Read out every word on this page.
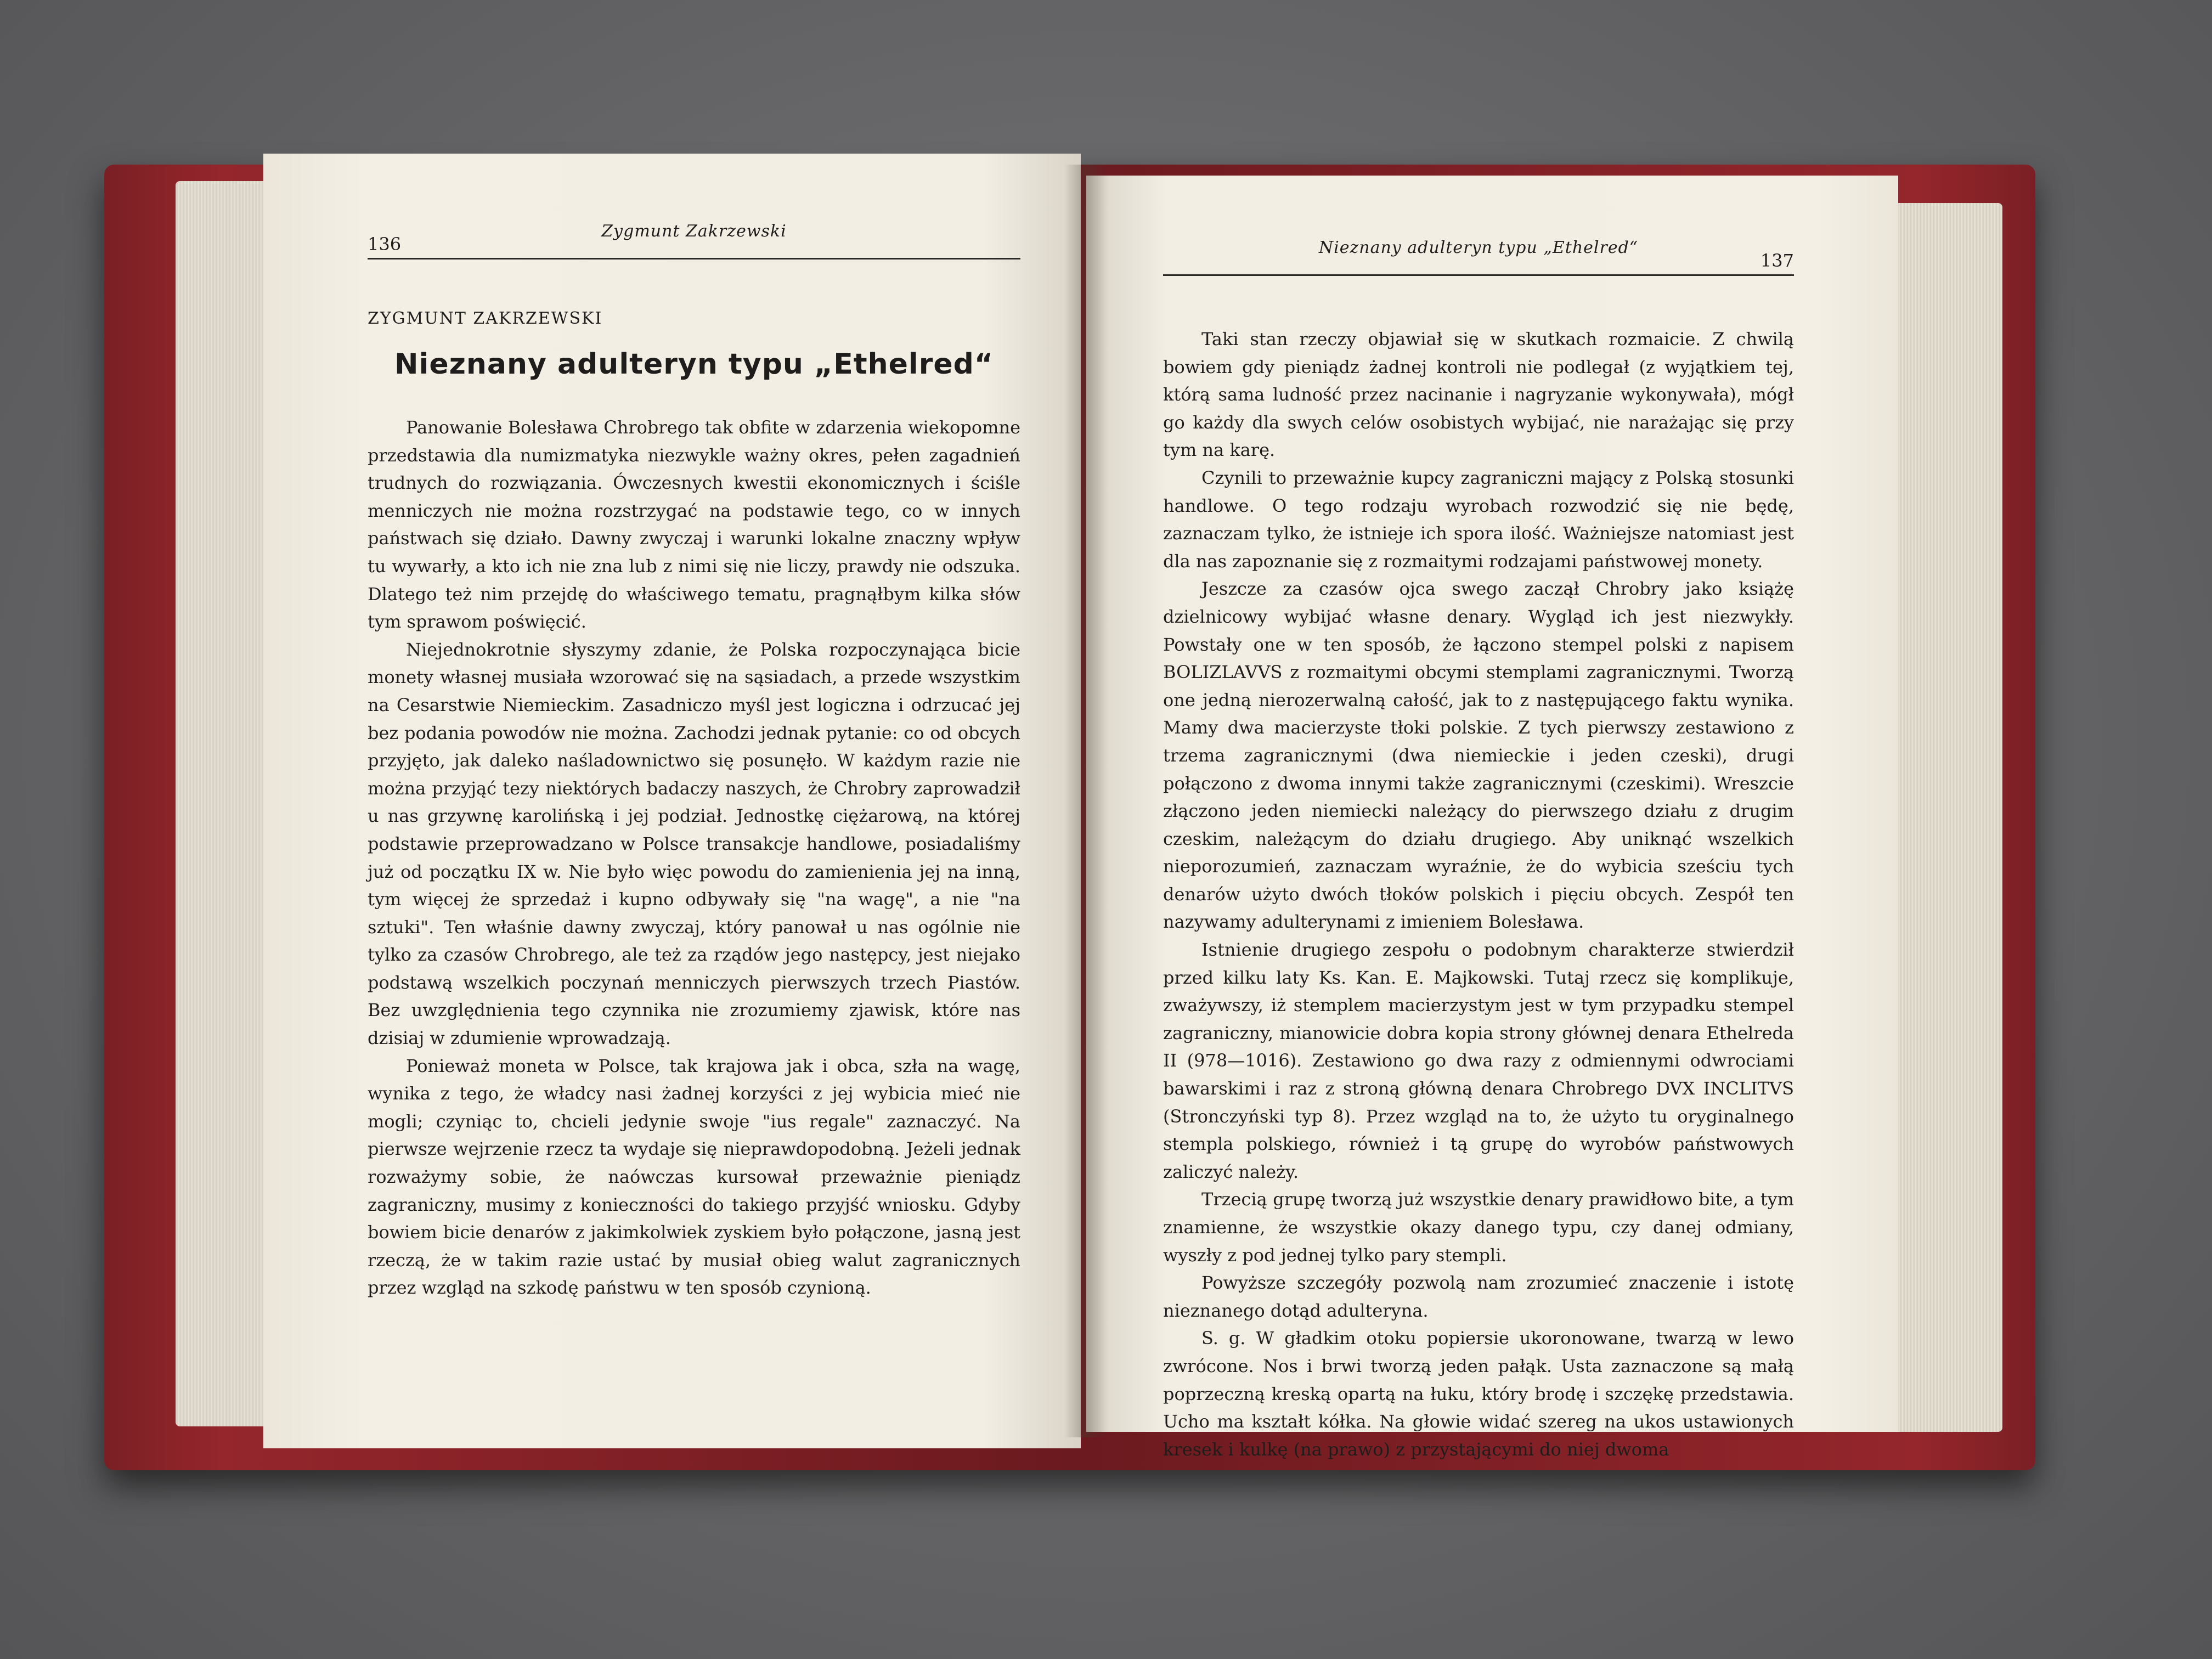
136
Zygmunt Zakrzewski
ZYGMUNT ZAKRZEWSKI
Nieznany adulteryn typu „Ethelred“

Panowanie Bolesława Chrobrego tak obfite w zdarzenia wiekopomne przedstawia dla numizmatyka niezwykle ważny okres, pełen zagadnień trudnych do rozwiązania. Ówczesnych kwestii ekonomicznych i ściśle menniczych nie można rozstrzygać na podstawie tego, co w innych państwach się działo. Dawny zwyczaj i warunki lokalne znaczny wpływ tu wywarły, a kto ich nie zna lub z nimi się nie liczy, prawdy nie odszuka. Dlatego też nim przejdę do właściwego tematu, pragnąłbym kilka słów tym sprawom poświęcić.

Niejednokrotnie słyszymy zdanie, że Polska rozpoczynająca bicie monety własnej musiała wzorować się na sąsiadach, a przede wszystkim na Cesarstwie Niemieckim. Zasadniczo myśl jest logiczna i odrzucać jej bez podania powodów nie można. Zachodzi jednak pytanie: co od obcych przyjęto, jak daleko naśladownictwo się posunęło. W każdym razie nie można przyjąć tezy niektórych badaczy naszych, że Chrobry zaprowadził u nas grzywnę karolińską i jej podział. Jednostkę ciężarową, na której podstawie przeprowadzano w Polsce transakcje handlowe, posiadaliśmy już od początku IX w. Nie było więc powodu do zamienienia jej na inną, tym więcej że sprzedaż i kupno odbywały się "na wagę", a nie "na sztuki". Ten właśnie dawny zwyczaj, który panował u nas ogólnie nie tylko za czasów Chrobrego, ale też za rządów jego następcy, jest niejako podstawą wszelkich poczynań menniczych pierwszych trzech Piastów. Bez uwzględnienia tego czynnika nie zrozumiemy zjawisk, które nas dzisiaj w zdumienie wprowadzają.

Ponieważ moneta w Polsce, tak krajowa jak i obca, szła na wagę, wynika z tego, że władcy nasi żadnej korzyści z jej wybicia mieć nie mogli; czyniąc to, chcieli jedynie swoje "ius regale" zaznaczyć. Na pierwsze wejrzenie rzecz ta wydaje się nieprawdopodobną. Jeżeli jednak rozważymy sobie, że naówczas kursował przeważnie pieniądz zagraniczny, musimy z konieczności do takiego przyjść wniosku. Gdyby bowiem bicie denarów z jakimkolwiek zyskiem było połączone, jasną jest rzeczą, że w takim razie ustać by musiał obieg walut zagranicznych przez wzgląd na szkodę państwu w ten sposób czynioną.

Nieznany adulteryn typu „Ethelred“
137

Taki stan rzeczy objawiał się w skutkach rozmaicie. Z chwilą bowiem gdy pieniądz żadnej kontroli nie podlegał (z wyjątkiem tej, którą sama ludność przez nacinanie i nagryzanie wykonywała), mógł go każdy dla swych celów osobistych wybijać, nie narażając się przy tym na karę.

Czynili to przeważnie kupcy zagraniczni mający z Polską stosunki handlowe. O tego rodzaju wyrobach rozwodzić się nie będę, zaznaczam tylko, że istnieje ich spora ilość. Ważniejsze natomiast jest dla nas zapoznanie się z rozmaitymi rodzajami państwowej monety.

Jeszcze za czasów ojca swego zaczął Chrobry jako książę dzielnicowy wybijać własne denary. Wygląd ich jest niezwykły. Powstały one w ten sposób, że łączono stempel polski z napisem BOLIZLAVVS z rozmaitymi obcymi stemplami zagranicznymi. Tworzą one jedną nierozerwalną całość, jak to z następującego faktu wynika. Mamy dwa macierzyste tłoki polskie. Z tych pierwszy zestawiono z trzema zagranicznymi (dwa niemieckie i jeden czeski), drugi połączono z dwoma innymi także zagranicznymi (czeskimi). Wreszcie złączono jeden niemiecki należący do pierwszego działu z drugim czeskim, należącym do działu drugiego. Aby uniknąć wszelkich nieporozumień, zaznaczam wyraźnie, że do wybicia sześciu tych denarów użyto dwóch tłoków polskich i pięciu obcych. Zespół ten nazywamy adulterynami z imieniem Bolesława.

Istnienie drugiego zespołu o podobnym charakterze stwierdził przed kilku laty Ks. Kan. E. Majkowski. Tutaj rzecz się komplikuje, zważywszy, iż stemplem macierzystym jest w tym przypadku stempel zagraniczny, mianowicie dobra kopia strony głównej denara Ethelreda II (978—1016). Zestawiono go dwa razy z odmiennymi odwrociami bawarskimi i raz z stroną główną denara Chrobrego DVX INCLITVS (Stronczyński typ 8). Przez wzgląd na to, że użyto tu oryginalnego stempla polskiego, również i tą grupę do wyrobów państwowych zaliczyć należy.

Trzecią grupę tworzą już wszystkie denary prawidłowo bite, a tym znamienne, że wszystkie okazy danego typu, czy danej odmiany, wyszły z pod jednej tylko pary stempli.

Powyższe szczegóły pozwolą nam zrozumieć znaczenie i istotę nieznanego dotąd adulteryna.

S. g. W gładkim otoku popiersie ukoronowane, twarzą w lewo zwrócone. Nos i brwi tworzą jeden pałąk. Usta zaznaczone są małą poprzeczną kreską opartą na łuku, który brodę i szczękę przedstawia. Ucho ma kształt kółka. Na głowie widać szereg na ukos ustawionych kresek i kulkę (na prawo) z przystającymi do niej dwoma
